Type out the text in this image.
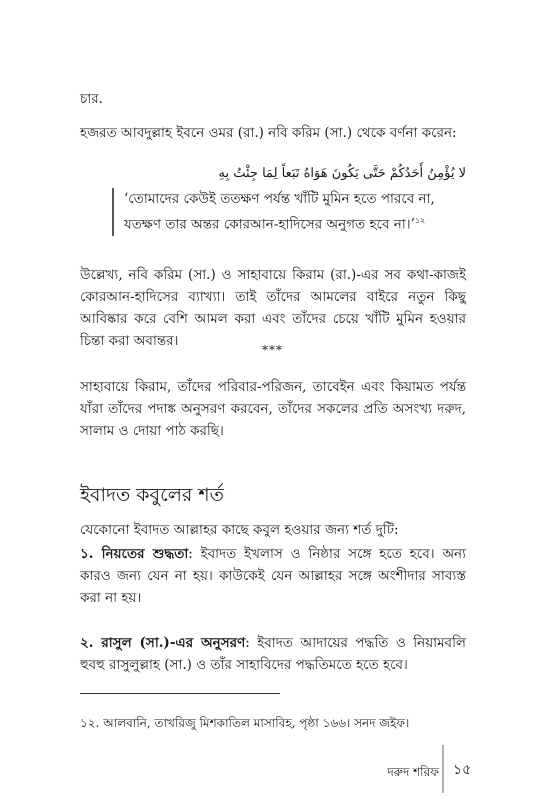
চার.

হজরত আবদুল্লাহ ইবনে ওমর (রা.) নবি করিম (সা.) থেকে বর্ণনা করেন:

لا يُؤْمِنُ أَحَدُكُمْ حَتَّى يَكُونَ هَوَاهُ تَبَعاً لِمَا جِئْتُ بِهِ

‘তোমাদের কেউই ততক্ষণ পর্যন্ত খাঁটি মুমিন হতে পারবে না, যতক্ষণ তার অন্তর কোরআন-হাদিসের অনুগত হবে না।’$^{১২}$

উল্লেখ্য, নবি করিম (সা.) ও সাহাবায়ে কিরাম (রা.)-এর সব কথা-কাজই কোরআন-হাদিসের ব্যাখ্যা। তাই তাঁদের আমলের বাইরে নতুন কিছু আবিষ্কার করে বেশি আমল করা এবং তাঁদের চেয়ে খাঁটি মুমিন হওয়ার চিন্তা করা অবান্তর।

***

সাহাবায়ে কিরাম, তাঁদের পরিবার-পরিজন, তাবেইন এবং কিয়ামত পর্যন্ত যাঁরা তাঁদের পদাঙ্ক অনুসরণ করবেন, তাঁদের সকলের প্রতি অসংখ্য দরুদ, সালাম ও দোয়া পাঠ করছি।

ইবাদত কবুলের শর্ত

যেকোনো ইবাদত আল্লাহর কাছে কবুল হওয়ার জন্য শর্ত দুটি:

১. নিয়তের শুদ্ধতা: ইবাদত ইখলাস ও নিষ্ঠার সঙ্গে হতে হবে। অন্য কারও জন্য যেন না হয়। কাউকেই যেন আল্লাহর সঙ্গে অংশীদার সাব্যস্ত করা না হয়।

২. রাসুল (সা.)-এর অনুসরণ: ইবাদত আদায়ের পদ্ধতি ও নিয়ামবলি হুবহু রাসুলুল্লাহ (সা.) ও তাঁর সাহাবিদের পদ্ধতিমতে হতে হবে।

১২. আলবানি, তাখরিজু মিশকাতিল মাসাবিহ, পৃষ্ঠা ১৬৬। সনদ জইফ।

দরুদ শরিফ ১৫
